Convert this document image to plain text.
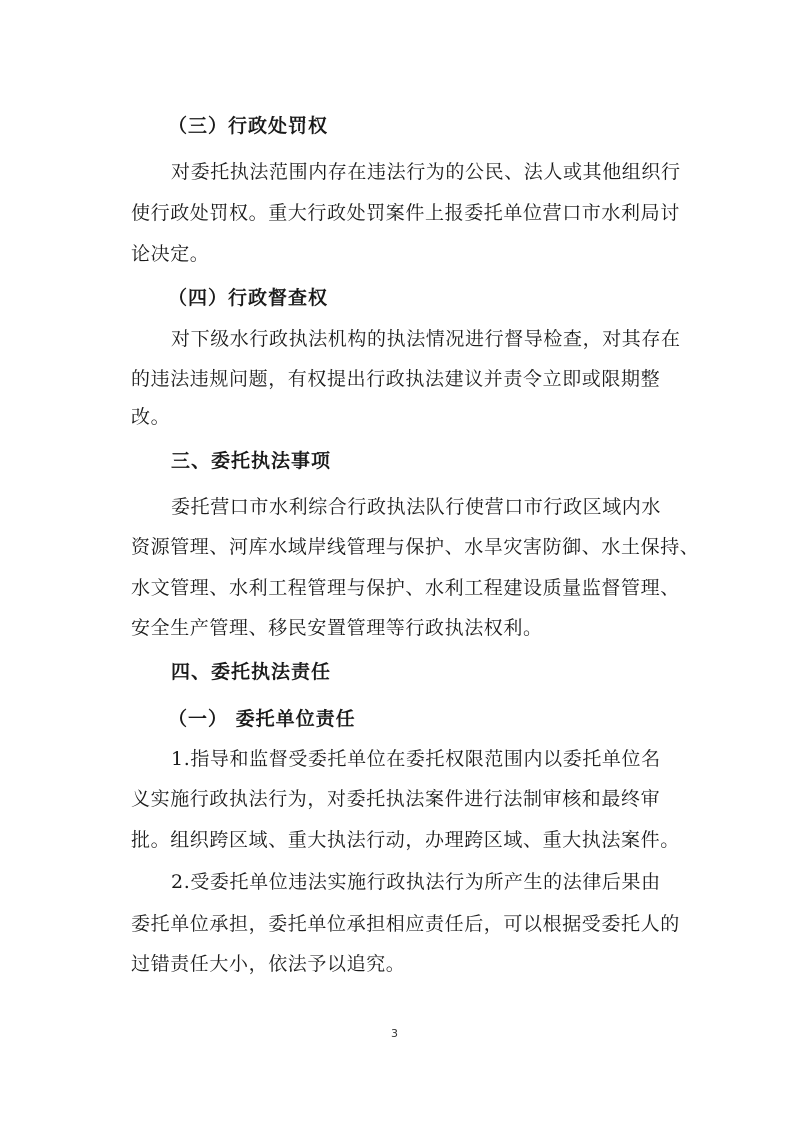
（三）行政处罚权
对委托执法范围内存在违法行为的公民、法人或其他组织行
使行政处罚权。重大行政处罚案件上报委托单位营口市水利局讨
论决定。
（四）行政督查权
对下级水行政执法机构的执法情况进行督导检查，对其存在
的违法违规问题，有权提出行政执法建议并责令立即或限期整
改。
三、委托执法事项
委托营口市水利综合行政执法队行使营口市行政区域内水
资源管理、河库水域岸线管理与保护、水旱灾害防御、水土保持、
水文管理、水利工程管理与保护、水利工程建设质量监督管理、
安全生产管理、移民安置管理等行政执法权利。
四、委托执法责任
（一） 委托单位责任
1.指导和监督受委托单位在委托权限范围内以委托单位名
义实施行政执法行为，对委托执法案件进行法制审核和最终审
批。组织跨区域、重大执法行动，办理跨区域、重大执法案件。
2.受委托单位违法实施行政执法行为所产生的法律后果由
委托单位承担，委托单位承担相应责任后，可以根据受委托人的
过错责任大小，依法予以追究。
3
